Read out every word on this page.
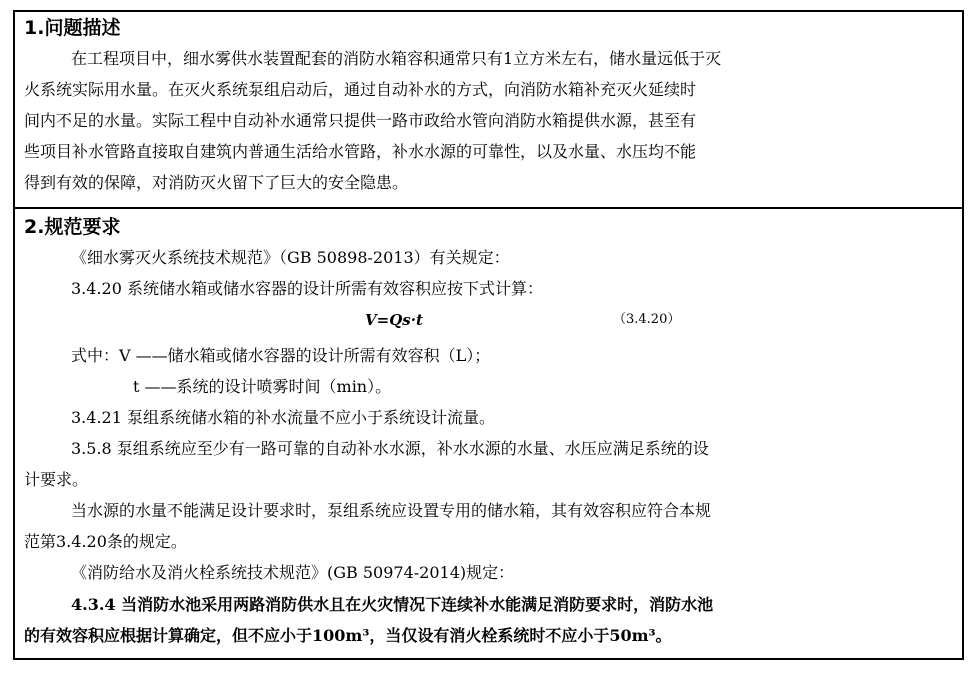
1.问题描述
在工程项目中，细水雾供水装置配套的消防水箱容积通常只有1立方米左右，储水量远低于灭
火系统实际用水量。在灭火系统泵组启动后，通过自动补水的方式，向消防水箱补充灭火延续时
间内不足的水量。实际工程中自动补水通常只提供一路市政给水管向消防水箱提供水源，甚至有
些项目补水管路直接取自建筑内普通生活给水管路，补水水源的可靠性，以及水量、水压均不能
得到有效的保障，对消防灭火留下了巨大的安全隐患。
2.规范要求
《细水雾灭火系统技术规范》（GB 50898-2013）有关规定：
3.4.20 系统储水箱或储水容器的设计所需有效容积应按下式计算：
V=Qs·t	（3.4.20）
式中：V ——储水箱或储水容器的设计所需有效容积（L）；
t ——系统的设计喷雾时间（min）。
3.4.21 泵组系统储水箱的补水流量不应小于系统设计流量。
3.5.8 泵组系统应至少有一路可靠的自动补水水源，补水水源的水量、水压应满足系统的设
计要求。
当水源的水量不能满足设计要求时，泵组系统应设置专用的储水箱，其有效容积应符合本规
范第3.4.20条的规定。
《消防给水及消火栓系统技术规范》(GB 50974-2014)规定：
4.3.4 当消防水池采用两路消防供水且在火灾情况下连续补水能满足消防要求时，消防水池
的有效容积应根据计算确定，但不应小于100m³，当仅设有消火栓系统时不应小于50m³。
